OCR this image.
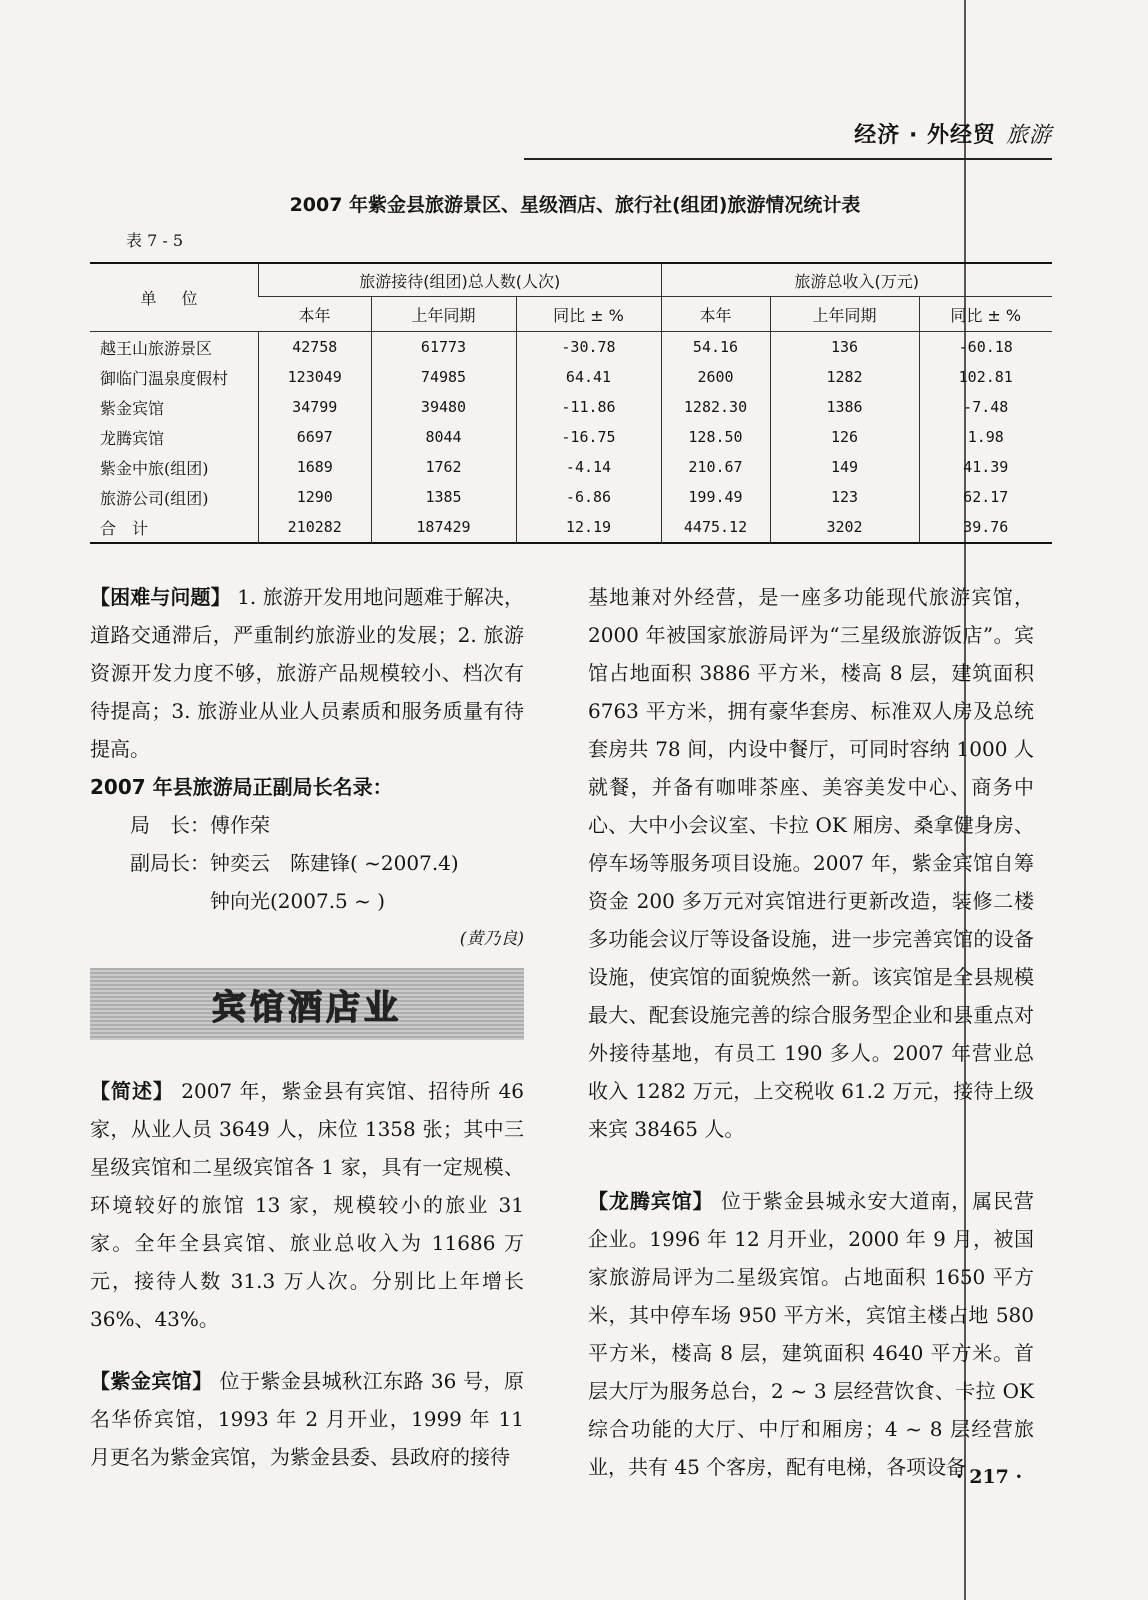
经济 · 外经贸 旅游
2007 年紫金县旅游景区、星级酒店、旅行社(组团)旅游情况统计表
表 7 - 5
单 位	旅游接待(组团)总人数(人次)			旅游总收入(万元)		
	本年	上年同期	同比 ± %	本年	上年同期	同比 ± %
越王山旅游景区	42758	61773	-30.78	54.16	136	-60.18
御临门温泉度假村	123049	74985	64.41	2600	1282	102.81
紫金宾馆	34799	39480	-11.86	1282.30	1386	-7.48
龙腾宾馆	6697	8044	-16.75	128.50	126	1.98
紫金中旅(组团)	1689	1762	-4.14	210.67	149	41.39
旅游公司(组团)	1290	1385	-6.86	199.49	123	62.17
合　计	210282	187429	12.19	4475.12	3202	39.76

【困难与问题】 1. 旅游开发用地问题难于解决，道路交通滞后，严重制约旅游业的发展；2. 旅游资源开发力度不够，旅游产品规模较小、档次有待提高；3. 旅游业从业人员素质和服务质量有待提高。

2007 年县旅游局正副局长名录：

局　长：傅作荣

副局长：钟奕云　陈建锋( ~2007.4)

钟向光(2007.5 ~ )

(黄乃良)

宾馆酒店业

【简述】 2007 年，紫金县有宾馆、招待所 46 家，从业人员 3649 人，床位 1358 张；其中三星级宾馆和二星级宾馆各 1 家，具有一定规模、环境较好的旅馆 13 家，规模较小的旅业 31 家。全年全县宾馆、旅业总收入为 11686 万元，接待人数 31.3 万人次。分别比上年增长 36%、43%。

【紫金宾馆】 位于紫金县城秋江东路 36 号，原名华侨宾馆，1993 年 2 月开业，1999 年 11 月更名为紫金宾馆，为紫金县委、县政府的接待

基地兼对外经营，是一座多功能现代旅游宾馆，2000 年被国家旅游局评为“三星级旅游饭店”。宾馆占地面积 3886 平方米，楼高 8 层，建筑面积 6763 平方米，拥有豪华套房、标准双人房及总统套房共 78 间，内设中餐厅，可同时容纳 1000 人就餐，并备有咖啡茶座、美容美发中心、商务中心、大中小会议室、卡拉 OK 厢房、桑拿健身房、停车场等服务项目设施。2007 年，紫金宾馆自筹资金 200 多万元对宾馆进行更新改造，装修二楼多功能会议厅等设备设施，进一步完善宾馆的设备设施，使宾馆的面貌焕然一新。该宾馆是全县规模最大、配套设施完善的综合服务型企业和县重点对外接待基地，有员工 190 多人。2007 年营业总收入 1282 万元，上交税收 61.2 万元，接待上级来宾 38465 人。

【龙腾宾馆】 位于紫金县城永安大道南，属民营企业。1996 年 12 月开业，2000 年 9 月，被国家旅游局评为二星级宾馆。占地面积 1650 平方米，其中停车场 950 平方米，宾馆主楼占地 580 平方米，楼高 8 层，建筑面积 4640 平方米。首层大厅为服务总台，2 ~ 3 层经营饮食、卡拉 OK 综合功能的大厅、中厅和厢房；4 ~ 8 层经营旅业，共有 45 个客房，配有电梯，各项设备

· 217 ·
